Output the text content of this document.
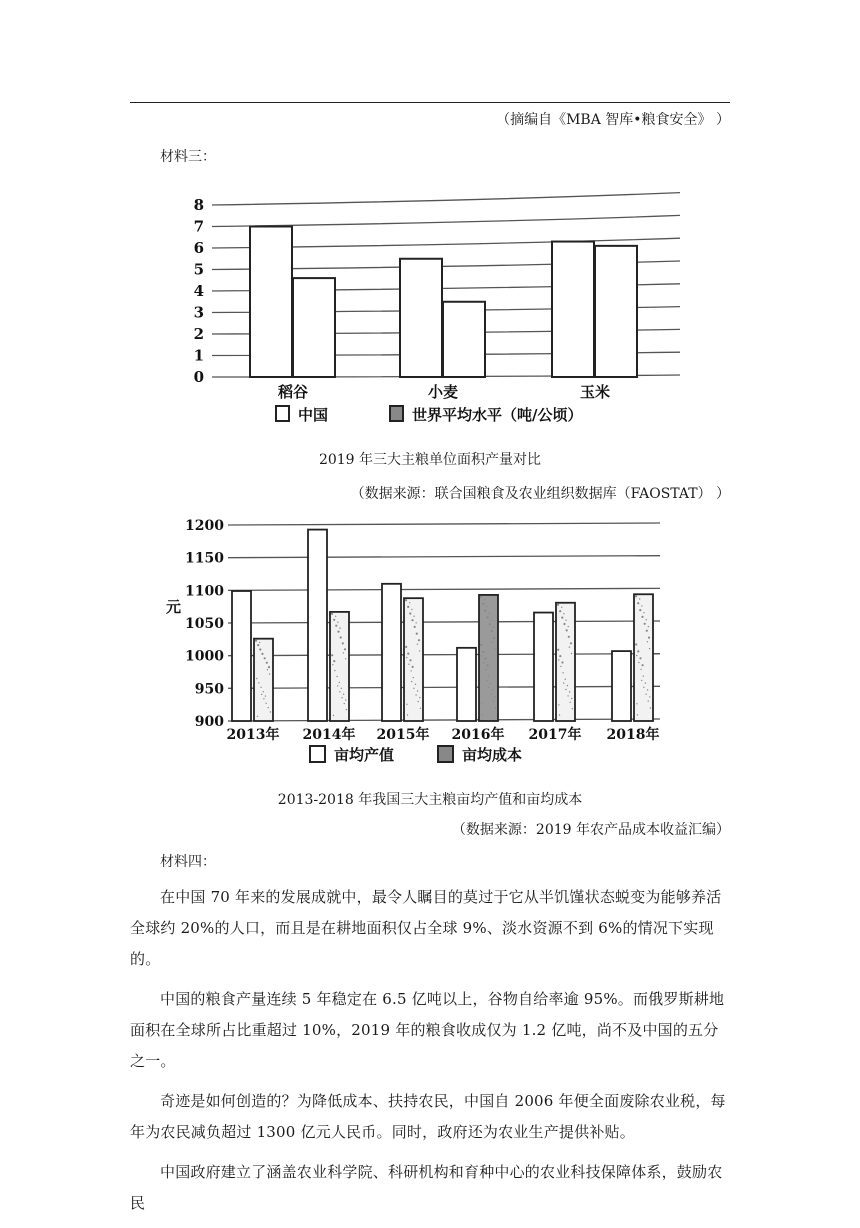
（摘编自《MBA 智库•粮食安全》 ）
材料三：
0
1
2
3
4
5
6
7
8
稻谷	小麦	玉米
中国	世界平均水平（吨/公顷）
2019 年三大主粮单位面积产量对比
（数据来源：联合国粮食及农业组织数据库（FAOSTAT） ）
900
950
1000
1050
1100
1150
1200
元
2013年 2014年 2015年 2016年 2017年 2018年
亩均产值	亩均成本
2013-2018 年我国三大主粮亩均产值和亩均成本
（数据来源：2019 年农产品成本收益汇编）
材料四：

在中国 70 年来的发展成就中，最令人瞩目的莫过于它从半饥馑状态蜕变为能够养活全球约 20%的人口，而且是在耕地面积仅占全球 9%、淡水资源不到 6%的情况下实现的。

中国的粮食产量连续 5 年稳定在 6.5 亿吨以上，谷物自给率逾 95%。而俄罗斯耕地面积在全球所占比重超过 10%，2019 年的粮食收成仅为 1.2 亿吨，尚不及中国的五分之一。

奇迹是如何创造的？为降低成本、扶持农民，中国自 2006 年便全面废除农业税，每年为农民减负超过 1300 亿元人民币。同时，政府还为农业生产提供补贴。

中国政府建立了涵盖农业科学院、科研机构和育种中心的农业科技保障体系，鼓励农民
